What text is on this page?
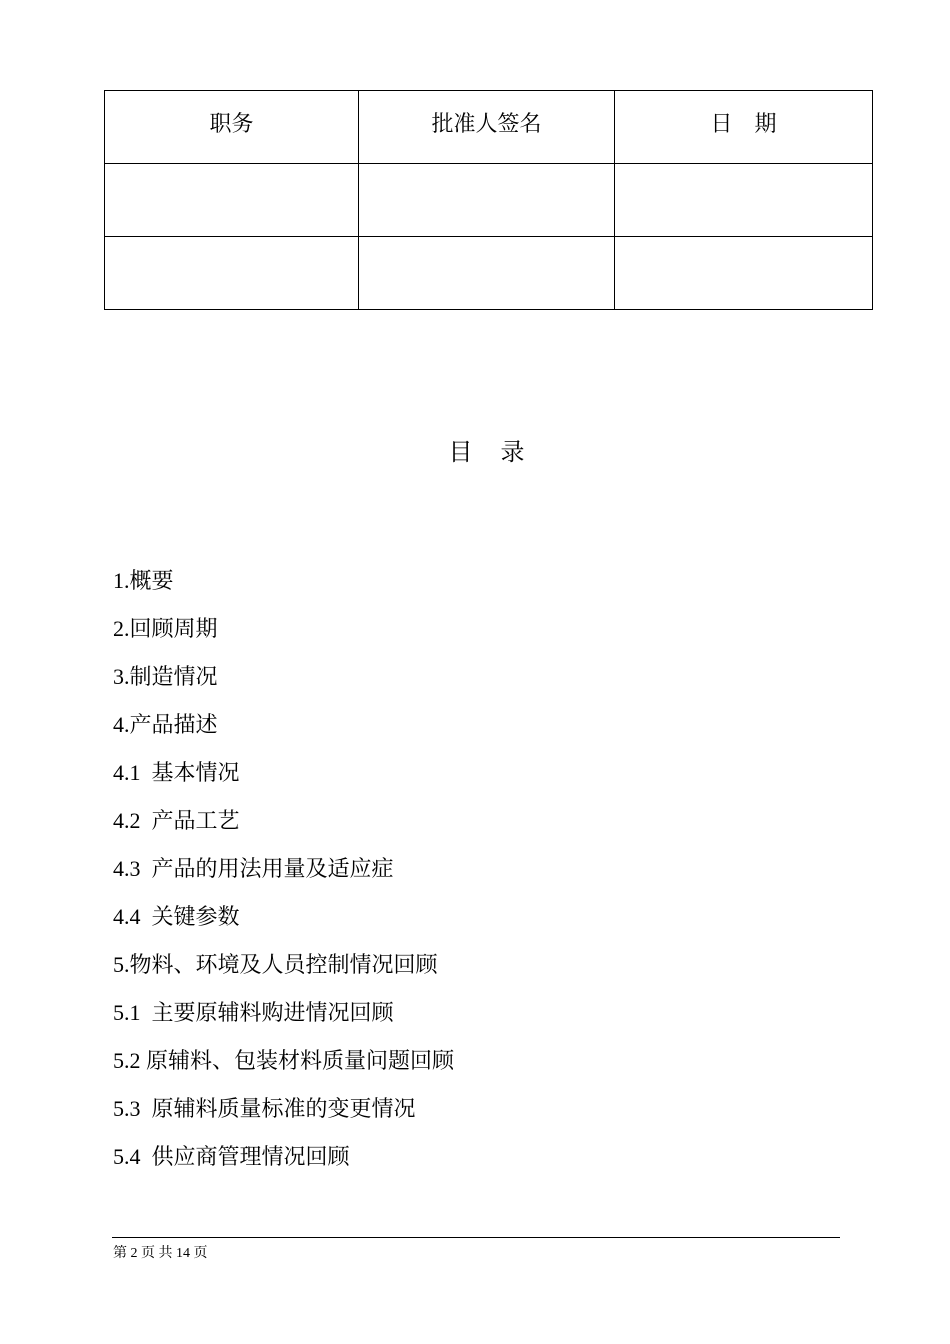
职务	批准人签名	日　期

目　录
1.概要
2.回顾周期
3.制造情况
4.产品描述
4.1  基本情况
4.2  产品工艺
4.3  产品的用法用量及适应症
4.4  关键参数
5.物料、环境及人员控制情况回顾
5.1  主要原辅料购进情况回顾
5.2 原辅料、包装材料质量问题回顾
5.3  原辅料质量标准的变更情况
5.4  供应商管理情况回顾
第 2 页 共 14 页
